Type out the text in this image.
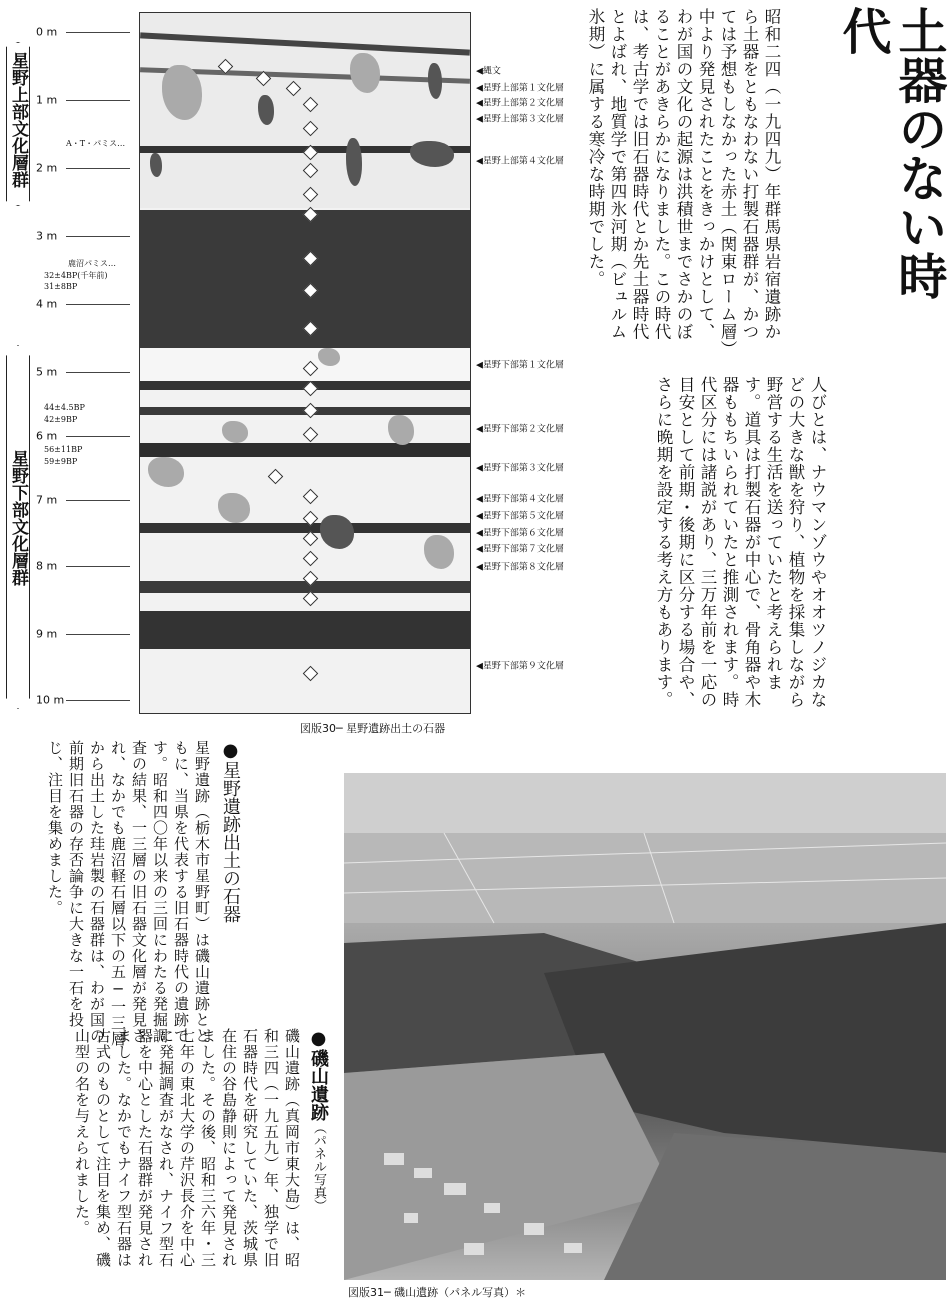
星野上部文化層群
星野下部文化層群
0 m
1 m
2 m
3 m
4 m
5 m
6 m
7 m
8 m
9 m
10 m
◀縄文
◀星野上部第１文化層
◀星野上部第２文化層
◀星野上部第３文化層
◀星野上部第４文化層
◀星野下部第１文化層
◀星野下部第２文化層
◀星野下部第３文化層
◀星野下部第４文化層
◀星野下部第５文化層
◀星野下部第６文化層
◀星野下部第７文化層
◀星野下部第８文化層
◀星野下部第９文化層
A・T・パミス…
鹿沼パミス…
32±4BP(千年前)
31±8BP
44±4.5BP
42±9BP
56±11BP
59±9BP
図版30─ 星野遺跡出土の石器
土器のない時代
昭和二四（一九四九）年群馬県岩宿遺跡から土器をともなわない打製石器群が、かつては予想もしなかった赤土（関東ローム層）中より発見されたことをきっかけとして、わが国の文化の起源は洪積世までさかのぼることがあきらかになりました。この時代は、考古学では旧石器時代とか先土器時代とよばれ、地質学で第四氷河期（ビュルム氷期）に属する寒冷な時期でした。
人びとは、ナウマンゾウやオオツノジカなどの大きな獣を狩り、植物を採集しながら野営する生活を送っていたと考えられます。道具は打製石器が中心で、骨角器や木器ももちいられていたと推測されます。時代区分には諸説があり、三万年前を一応の目安として前期・後期に区分する場合や、さらに晩期を設定する考え方もあります。
●星野遺跡出土の石器
星野遺跡（栃木市星野町）は磯山遺跡とともに、当県を代表する旧石器時代の遺跡です。昭和四〇年以来の三回にわたる発掘調査の結果、一三層の旧石器文化層が発見され、なかでも鹿沼軽石層以下の五─一三層から出土した珪岩製の石器群は、わが国の前期旧石器の存否論争に大きな一石を投じ、注目を集めました。
●磯山遺跡（パネル写真）
磯山遺跡（真岡市東大島）は、昭和三四（一九五九）年、独学で旧石器時代を研究していた、茨城県在住の谷島静則によって発見されました。その後、昭和三六年・三七年の東北大学の芹沢長介を中心に発掘調査がなされ、ナイフ型石器を中心とした石器群が発見されました。なかでもナイフ型石器は古式のものとして注目を集め、磯山型の名を与えられました。
図版31─ 磯山遺跡（パネル写真）＊
